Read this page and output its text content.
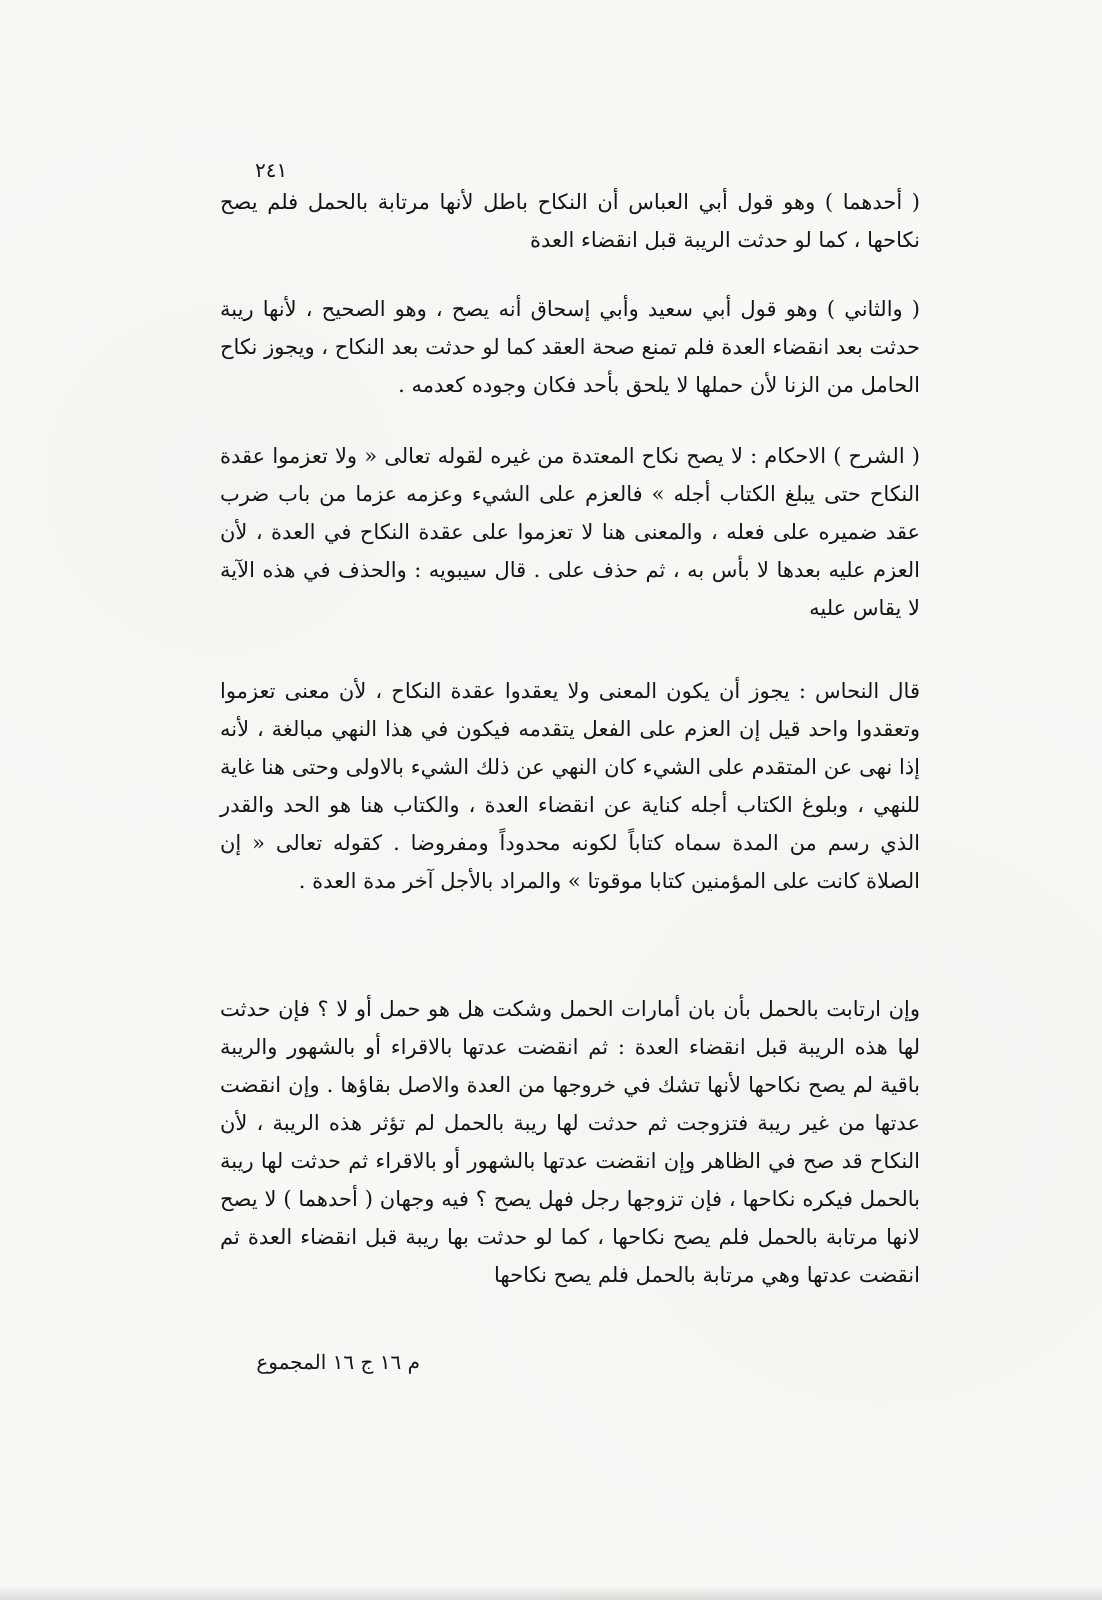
٢٤١

( أحدهما ) وهو قول أبي العباس أن النكاح باطل لأنها مرتابة بالحمل فلم يصح نكاحها ، كما لو حدثت الريبة قبل انقضاء العدة

( والثاني ) وهو قول أبي سعيد وأبي إسحاق أنه يصح ، وهو الصحيح ، لأنها ريبة حدثت بعد انقضاء العدة فلم تمنع صحة العقد كما لو حدثت بعد النكاح ، ويجوز نكاح الحامل من الزنا لأن حملها لا يلحق بأحد فكان وجوده كعدمه .

( الشرح ) الاحكام : لا يصح نكاح المعتدة من غيره لقوله تعالى « ولا تعزموا عقدة النكاح حتى يبلغ الكتاب أجله » فالعزم على الشيء وعزمه عزما من باب ضرب عقد ضميره على فعله ، والمعنى هنا لا تعزموا على عقدة النكاح في العدة ، لأن العزم عليه بعدها لا بأس به ، ثم حذف على . قال سيبويه : والحذف في هذه الآية لا يقاس عليه

قال النحاس : يجوز أن يكون المعنى ولا يعقدوا عقدة النكاح ، لأن معنى تعزموا وتعقدوا واحد قيل إن العزم على الفعل يتقدمه فيكون في هذا النهي مبالغة ، لأنه إذا نهى عن المتقدم على الشيء كان النهي عن ذلك الشيء بالاولى وحتى هنا غاية للنهي ، وبلوغ الكتاب أجله كناية عن انقضاء العدة ، والكتاب هنا هو الحد والقدر الذي رسم من المدة سماه كتاباً لكونه محدوداً ومفروضا . كقوله تعالى « إن الصلاة كانت على المؤمنين كتابا موقوتا » والمراد بالأجل آخر مدة العدة .

وإن ارتابت بالحمل بأن بان أمارات الحمل وشكت هل هو حمل أو لا ؟ فإن حدثت لها هذه الريبة قبل انقضاء العدة : ثم انقضت عدتها بالاقراء أو بالشهور والريبة باقية لم يصح نكاحها لأنها تشك في خروجها من العدة والاصل بقاؤها . وإن انقضت عدتها من غير ريبة فتزوجت ثم حدثت لها ريبة بالحمل لم تؤثر هذه الريبة ، لأن النكاح قد صح في الظاهر وإن انقضت عدتها بالشهور أو بالاقراء ثم حدثت لها ريبة بالحمل فيكره نكاحها ، فإن تزوجها رجل فهل يصح ؟ فيه وجهان ( أحدهما ) لا يصح لانها مرتابة بالحمل فلم يصح نكاحها ، كما لو حدثت بها ريبة قبل انقضاء العدة ثم انقضت عدتها وهي مرتابة بالحمل فلم يصح نكاحها

م ١٦ ج ١٦ المجموع
